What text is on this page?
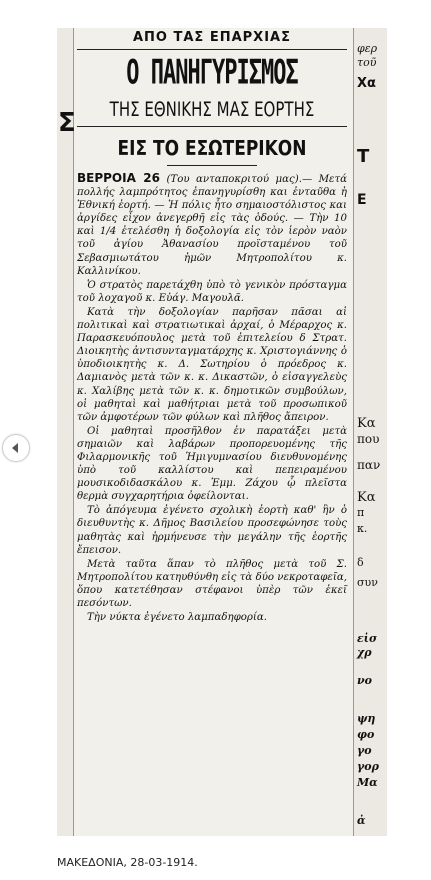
Σ
ΑΠΟ ΤΑΣ ΕΠΑΡΧΙΑΣ
Ο ΠΑΝΗΓΥΡΙΣΜΟΣ
ΤΗΣ ΕΘΝΙΚΗΣ ΜΑΣ ΕΟΡΤΗΣ
ΕΙΣ ΤΟ ΕΣΩΤΕΡΙΚΟΝ

ΒΕΡΡΟΙΑ 26 (Του ανταποκριτού μας).— Μετά πολλής λαμπρότητος ἐπανηγυρίσθη και ἐνταῦθα ἡ Ἐθνική ἑορτή. — Ἡ πόλις ἦτο σημαιοστόλιστος και ἀργίδες εἶχον ἀνεγερθῆ εἰς τὰς ὁδούς. — Τὴν 10 καὶ 1/4 ἐτελέσθη ἡ δοξολογία εἰς τὸν ἱερὸν ναὸν τοῦ ἁγίου Ἀθανασίου προϊσταμένου τοῦ Σεβασμιωτάτου ἡμῶν Μητροπολίτου κ. Καλλινίκου.

Ὁ στρατὸς παρετάχθη ὑπὸ τὸ γενικὸν πρόσταγμα τοῦ λοχαγοῦ κ. Εὐάγ. Μαγουλᾶ.

Κατὰ τὴν δοξολογίαν παρῆσαν πᾶσαι αἱ πολιτικαὶ καὶ στρατιωτικαὶ ἀρχαί, ὁ Μέραρχος κ. Παρασκευόπουλος μετὰ τοῦ ἐπιτελείου δ Στρατ. Διοικητὴς ἀντισυνταγματάρχης κ. Χριστογιάννης ὁ ὑποδιοικητὴς κ. Δ. Σωτηρίου ὁ πρόεδρος κ. Δαμιανὸς μετὰ τῶν κ. κ. Δικαστῶν, ὁ εἰσαγγελεὺς κ. Χαλίβης μετὰ τῶν κ. κ. δημοτικῶν συμβούλων, οἱ μαθηταὶ καὶ μαθήτριαι μετὰ τοῦ προσωπικοῦ τῶν ἀμφοτέρων τῶν φύλων καὶ πλῆθος ἄπειρον.

Οἱ μαθηταὶ προσῆλθον ἐν παρατάξει μετὰ σημαιῶν καὶ λαβάρων προπορευομένης τῆς Φιλαρμονικῆς τοῦ Ἡμιγυμνασίου διευθυνομένης ὑπὸ τοῦ καλλίστου καὶ πεπειραμένου μουσικοδιδασκάλου κ. Ἐμμ. Ζάχου ᾧ πλεῖστα θερμὰ συγχαρητήρια ὀφείλονται.

Τὸ ἀπόγευμα ἐγένετο σχολικὴ ἑορτὴ καθ' ἣν ὁ διευθυντὴς κ. Δῆμος Βασιλείου προσεφώνησε τοὺς μαθητὰς καὶ ἡρμήνευσε τὴν μεγάλην τῆς ἑορτῆς ἔπεισον.

Μετὰ ταῦτα ἅπαν τὸ πλῆθος μετὰ τοῦ Σ. Μητροπολίτου κατηυθύνθη εἰς τὰ δύο νεκροταφεῖα, ὅπου κατετέθησαν στέφανοι ὑπὲρ τῶν ἐκεῖ πεσόντων.

Τὴν νύκτα ἐγένετο λαμπαδηφορία.

φερ
τοῦ
Χα
Τ
Ε
Κα
που
παν
Κα
π
κ.
δ
συν
εἰσ
χρ
νο
ψη
φο
γο
γορ
Μα
ἀ
ΜΑΚΕΔΟΝΙΑ, 28-03-1914.
